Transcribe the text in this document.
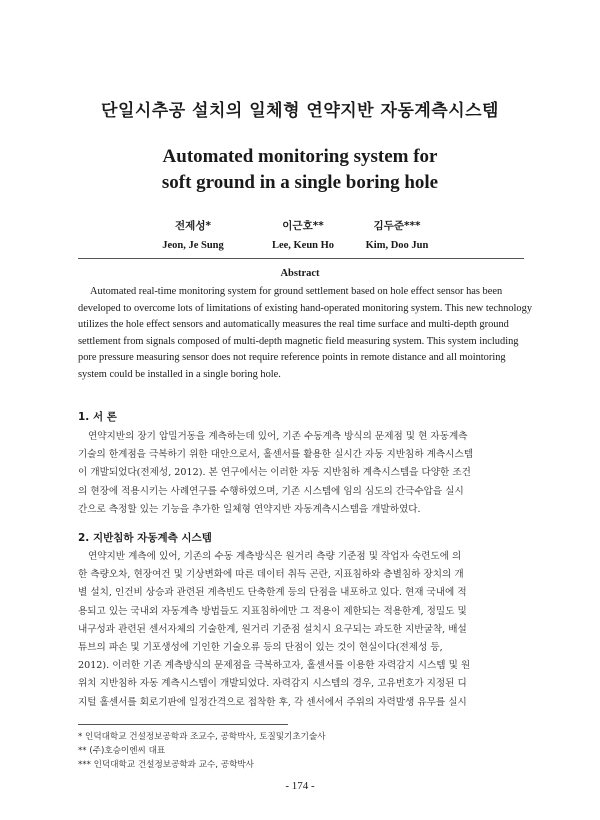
단일시추공 설치의 일체형 연약지반 자동계측시스템
Automated monitoring system for
soft ground in a single boring hole
전제성*
Jeon, Je Sung
이근호**
Lee, Keun Ho
김두준***
Kim, Doo Jun
Abstract
Automated real-time monitoring system for ground settlement based on hole effect sensor has been
developed to overcome lots of limitations of existing hand-operated monitoring system. This new technology
utilizes the hole effect sensors and automatically measures the real time surface and multi-depth ground
settlement from signals composed of multi-depth magnetic field measuring system. This system including
pore pressure measuring sensor does not require reference points in remote distance and all mointoring
system could be installed in a single boring hole.
1. 서 론
연약지반의 장기 압밀거동을 계측하는데 있어, 기존 수동계측 방식의 문제점 및 현 자동계측
기술의 한계점을 극복하기 위한 대안으로서, 홀센서를 활용한 실시간 자동 지반침하 계측시스템
이 개발되었다(전제성, 2012). 본 연구에서는 이러한 자동 지반침하 계측시스템을 다양한 조건
의 현장에 적용시키는 사례연구를 수행하였으며, 기존 시스템에 임의 심도의 간극수압을 실시
간으로 측정할 있는 기능을 추가한 일체형 연약지반 자동계측시스템을 개발하였다.
2. 지반침하 자동계측 시스템
연약지반 계측에 있어, 기존의 수동 계측방식은 원거리 측량 기준점 및 작업자 숙련도에 의
한 측량오차, 현장여건 및 기상변화에 따른 데이터 취득 곤란, 지표침하와 층별침하 장치의 개
별 설치, 인건비 상승과 관련된 계측빈도 단축한계 등의 단점을 내포하고 있다. 현재 국내에 적
용되고 있는 국내외 자동계측 방법들도 지표침하에만 그 적용이 제한되는 적용한계, 정밀도 및
내구성과 관련된 센서자체의 기술한계, 원거리 기준점 설치시 요구되는 과도한 지반굴착, 배설
튜브의 파손 및 기포생성에 기인한 기술오류 등의 단점이 있는 것이 현실이다(전제성 등,
2012). 이러한 기존 계측방식의 문제점을 극복하고자, 홀센서를 이용한 자력감지 시스템 및 원
위치 지반침하 자동 계측시스템이 개발되었다. 자력감지 시스템의 경우, 고유번호가 지정된 디
지털 홀센서를 회로기판에 일정간격으로 접착한 후, 각 센서에서 주위의 자력발생 유무를 실시
* 인덕대학교 건설정보공학과 조교수, 공학박사, 토질및기초기술사
** (주)호승이엔씨 대표
*** 인덕대학교 건설정보공학과 교수, 공학박사
- 174 -
